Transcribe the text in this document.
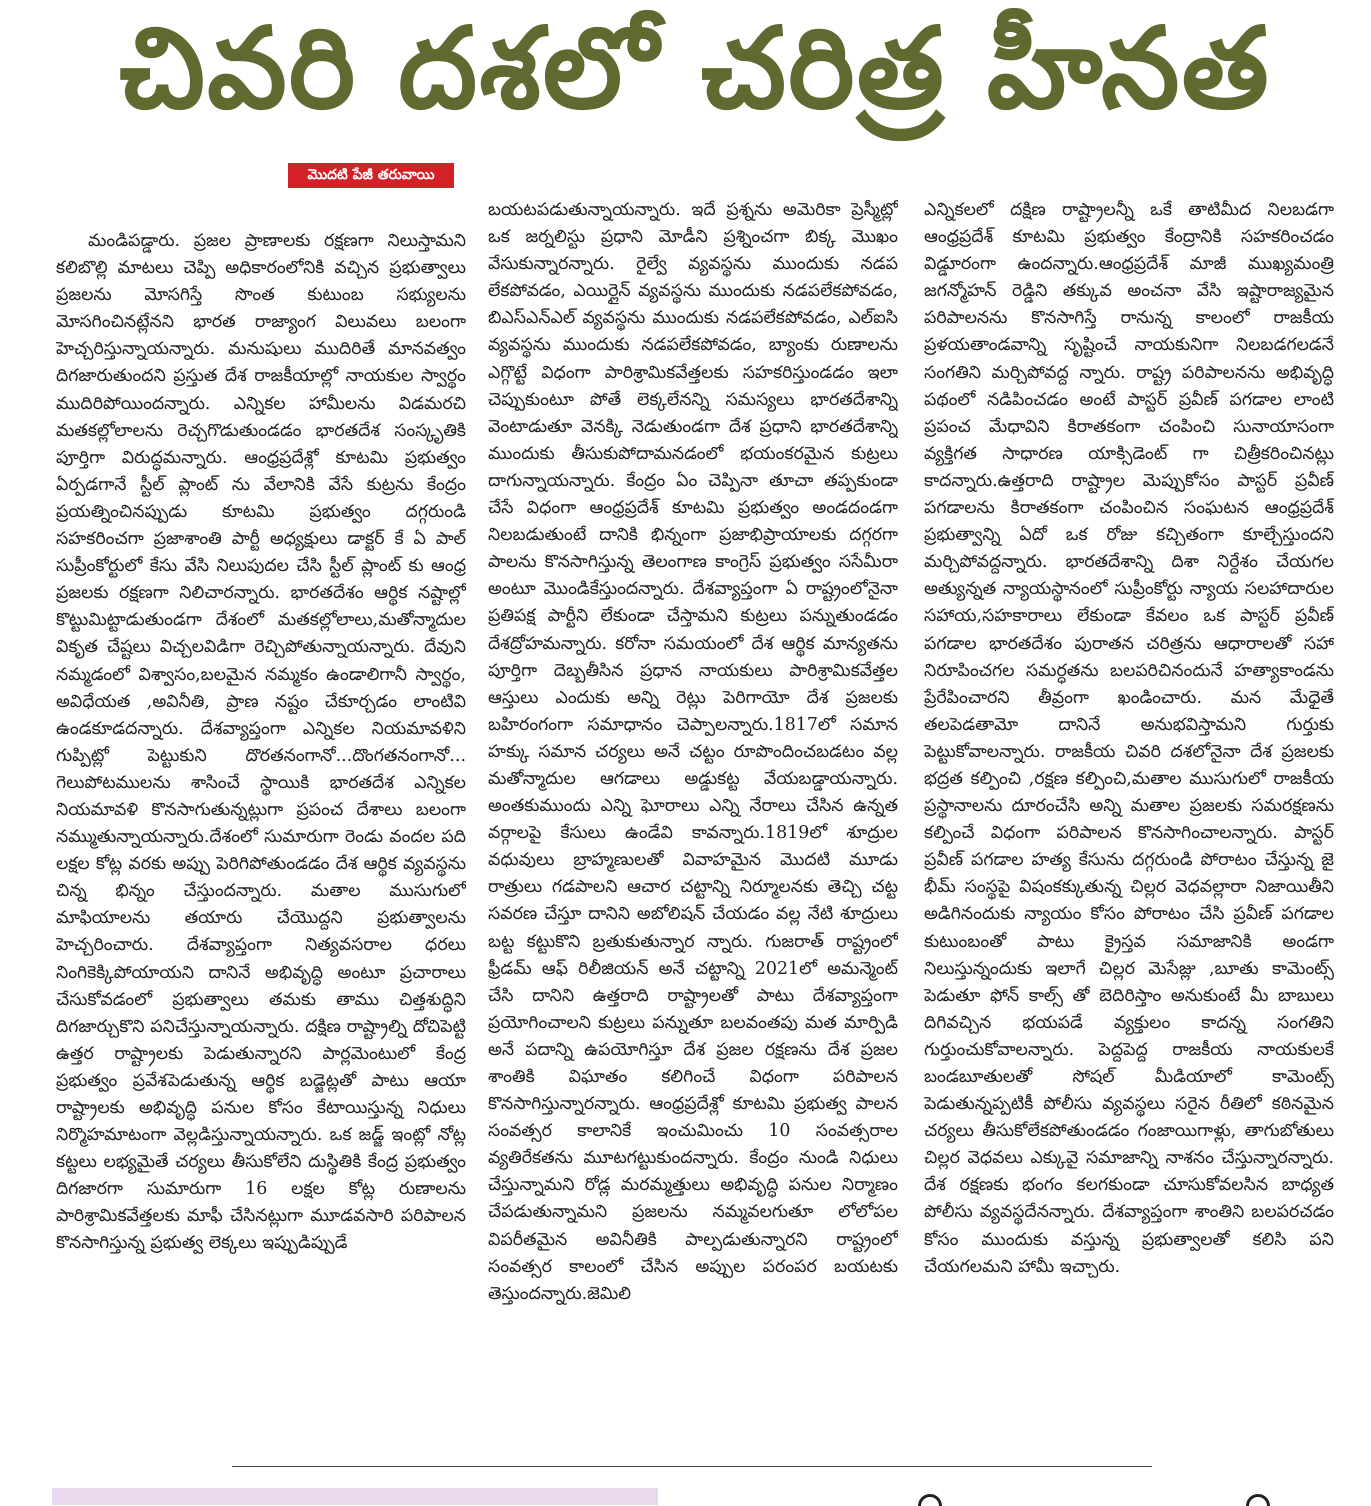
చివరి దశలో చరిత్ర హీనత
మొదటి పేజీ తరువాయి

మండిపడ్డారు. ప్రజల ప్రాణాలకు రక్షణగా నిలుస్తామని కలిబొల్లి మాటలు చెప్పి అధికారంలోనికి వచ్చిన ప్రభుత్వాలు ప్రజలను మోసగిస్తే సొంత కుటుంబ సభ్యులను మోసగించినట్లేనని భారత రాజ్యాంగ విలువలు బలంగా హెచ్చరిస్తున్నాయన్నారు. మనుషులు ముదిరితే మానవత్వం దిగజారుతుందని ప్రస్తుత దేశ రాజకీయాల్లో నాయకుల స్వార్థం ముదిరిపోయిందన్నారు. ఎన్నికల హామీలను విడమరచి మతకల్లోలాలను రెచ్చగొడుతుండడం భారతదేశ సంస్కృతికి పూర్తిగా విరుద్ధమన్నారు. ఆంధ్రప్రదేశ్లో కూటమి ప్రభుత్వం ఏర్పడగానే స్టీల్ ప్లాంట్ ను వేలానికి వేసే కుట్రను కేంద్రం ప్రయత్నించినప్పుడు కూటమి ప్రభుత్వం దగ్గరుండి సహకరించగా ప్రజాశాంతి పార్టీ అధ్యక్షులు డాక్టర్ కే ఏ పాల్ సుప్రీంకోర్టులో కేసు వేసి నిలుపుదల చేసి స్టీల్ ప్లాంట్ కు ఆంధ్ర ప్రజలకు రక్షణగా నిలిచారన్నారు. భారతదేశం ఆర్థిక నష్టాల్లో కొట్టుమిట్టాడుతుండగా దేశంలో మతకల్లోలాలు,మతోన్మాదుల వికృత చేష్టలు విచ్చలవిడిగా రెచ్చిపోతున్నాయన్నారు. దేవుని నమ్మడంలో విశ్వాసం,బలమైన నమ్మకం ఉండాలిగానీ స్వార్థం, అవిధేయత ,అవినీతి, ప్రాణ నష్టం చేకూర్చడం లాంటివి ఉండకూడదన్నారు. దేశవ్యాప్తంగా ఎన్నికల నియమావళిని గుప్పిట్లో పెట్టుకుని దొరతనంగానో...దొంగతనంగానో... గెలుపోటములను శాసించే స్థాయికి భారతదేశ ఎన్నికల నియమావళి కొనసాగుతున్నట్లుగా ప్రపంచ దేశాలు బలంగా నమ్ముతున్నాయన్నారు.దేశంలో సుమారుగా రెండు వందల పది లక్షల కోట్ల వరకు అప్పు పెరిగిపోతుండడం దేశ ఆర్థిక వ్యవస్థను చిన్న భిన్నం చేస్తుందన్నారు. మతాల ముసుగులో మాఫియాలను తయారు చేయొద్దని ప్రభుత్వాలను హెచ్చరించారు. దేశవ్యాప్తంగా నిత్యవసరాల ధరలు నింగికెక్కిపోయాయని దానినే అభివృద్ధి అంటూ ప్రచారాలు చేసుకోవడంలో ప్రభుత్వాలు తమకు తాము చిత్తశుద్ధిని దిగజార్చుకొని పనిచేస్తున్నాయన్నారు. దక్షిణ రాష్ట్రాల్ని దోచిపెట్టి ఉత్తర రాష్ట్రాలకు పెడుతున్నారని పార్లమెంటులో కేంద్ర ప్రభుత్వం ప్రవేశపెడుతున్న ఆర్థిక బడ్జెట్లతో పాటు ఆయా రాష్ట్రాలకు అభివృద్ధి పనుల కోసం కేటాయిస్తున్న నిధులు నిర్మొహమాటంగా వెల్లడిస్తున్నాయన్నారు. ఒక జడ్జ్ ఇంట్లో నోట్ల కట్టలు లభ్యమైతే చర్యలు తీసుకోలేని దుస్థితికి కేంద్ర ప్రభుత్వం దిగజారగా సుమారుగా 16 లక్షల కోట్ల రుణాలను పారిశ్రామికవేత్తలకు మాఫీ చేసినట్లుగా మూడవసారి పరిపాలన కొనసాగిస్తున్న ప్రభుత్వ లెక్కలు ఇప్పుడిప్పుడే

బయటపడుతున్నాయన్నారు. ఇదే ప్రశ్నను అమెరికా ప్రెస్మీట్లో ఒక జర్నలిస్టు ప్రధాని మోడీని ప్రశ్నించగా బిక్క మొఖం వేసుకున్నారన్నారు. రైల్వే వ్యవస్థను ముందుకు నడప లేకపోవడం, ఎయిర్లైన్ వ్యవస్థను ముందుకు నడపలేకపోవడం, బిఎస్ఎన్ఎల్ వ్యవస్థను ముందుకు నడపలేకపోవడం, ఎల్ఐసి వ్యవస్థను ముందుకు నడపలేకపోవడం, బ్యాంకు రుణాలను ఎగ్గొట్టే విధంగా పారిశ్రామికవేత్తలకు సహకరిస్తుండడం ఇలా చెప్పుకుంటూ పోతే లెక్కలేనన్ని సమస్యలు భారతదేశాన్ని వెంటాడుతూ వెనక్కి నెడుతుండగా దేశ ప్రధాని భారతదేశాన్ని ముందుకు తీసుకుపోదామనడంలో భయంకరమైన కుట్రలు దాగున్నాయన్నారు. కేంద్రం ఏం చెప్పినా తూచా తప్పకుండా చేసే విధంగా ఆంధ్రప్రదేశ్ కూటమి ప్రభుత్వం అండదండగా నిలబడుతుంటే దానికి భిన్నంగా ప్రజాభిప్రాయాలకు దగ్గరగా పాలను కొనసాగిస్తున్న తెలంగాణ కాంగ్రెస్ ప్రభుత్వం ససేమీరా అంటూ మొండికేస్తుందన్నారు. దేశవ్యాప్తంగా ఏ రాష్ట్రంలోనైనా ప్రతిపక్ష పార్టీని లేకుండా చేస్తామని కుట్రలు పన్నుతుండడం దేశద్రోహమన్నారు. కరోనా సమయంలో దేశ ఆర్థిక మాన్యతను పూర్తిగా దెబ్బతీసిన ప్రధాన నాయకులు పారిశ్రామికవేత్తల ఆస్తులు ఎందుకు అన్ని రెట్లు పెరిగాయో దేశ ప్రజలకు బహిరంగంగా సమాధానం చెప్పాలన్నారు.1817లో సమాన హక్కు సమాన చర్యలు అనే చట్టం రూపొందించబడటం వల్ల మతోన్మాదుల ఆగడాలు అడ్డుకట్ట వేయబడ్డాయన్నారు. అంతకుముందు ఎన్ని ఘోరాలు ఎన్ని నేరాలు చేసిన ఉన్నత వర్గాలపై కేసులు ఉండేవి కావన్నారు.1819లో శూద్రుల వధువులు బ్రాహ్మణులతో వివాహమైన మొదటి మూడు రాత్రులు గడపాలని ఆచార చట్టాన్ని నిర్మూలనకు తెచ్చి చట్ట సవరణ చేస్తూ దానిని అబోలిషన్ చేయడం వల్ల నేటి శూద్రులు బట్ట కట్టుకొని బ్రతుకుతున్నార న్నారు. గుజరాత్ రాష్ట్రంలో ఫ్రీడమ్ ఆఫ్ రిలీజియన్ అనే చట్టాన్ని 2021లో అమన్మెంట్ చేసి దానిని ఉత్తరాది రాష్ట్రాలతో పాటు దేశవ్యాప్తంగా ప్రయోగించాలని కుట్రలు పన్నుతూ బలవంతపు మత మార్పిడి అనే పదాన్ని ఉపయోగిస్తూ దేశ ప్రజల రక్షణను దేశ ప్రజల శాంతికి విఘాతం కలిగించే విధంగా పరిపాలన కొనసాగిస్తున్నారన్నారు. ఆంధ్రప్రదేశ్లో కూటమి ప్రభుత్వ పాలన సంవత్సర కాలానికే ఇంచుమించు 10 సంవత్సరాల వ్యతిరేకతను మూటగట్టుకుందన్నారు. కేంద్రం నుండి నిధులు చేస్తున్నామని రోడ్ల మరమ్మత్తులు అభివృద్ధి పనుల నిర్మాణం చేపడుతున్నామని ప్రజలను నమ్మవలగుతూ లోలోపల విపరీతమైన అవినీతికి పాల్పడుతున్నారని రాష్ట్రంలో సంవత్సర కాలంలో చేసిన అప్పుల పరంపర బయటకు తెస్తుందన్నారు.జెమిలి

ఎన్నికలలో దక్షిణ రాష్ట్రాలన్నీ ఒకే తాటిమీద నిలబడగా ఆంధ్రప్రదేశ్ కూటమి ప్రభుత్వం కేంద్రానికి సహకరించడం విడ్డూరంగా ఉందన్నారు.ఆంధ్రప్రదేశ్ మాజీ ముఖ్యమంత్రి జగన్మోహన్ రెడ్డిని తక్కువ అంచనా వేసి ఇష్టారాజ్యమైన పరిపాలనను కొనసాగిస్తే రానున్న కాలంలో రాజకీయ ప్రళయతాండవాన్ని సృష్టించే నాయకునిగా నిలబడగలడనే సంగతిని మర్చిపోవద్ద న్నారు. రాష్ట్ర పరిపాలనను అభివృద్ధి పథంలో నడిపించడం అంటే పాస్టర్ ప్రవీణ్ పగడాల లాంటి ప్రపంచ మేధావిని కిరాతకంగా చంపించి సునాయాసంగా వ్యక్తిగత సాధారణ యాక్సిడెంట్ గా చిత్రీకరించినట్లు కాదన్నారు.ఉత్తరాది రాష్ట్రాల మెప్పుకోసం పాస్టర్ ప్రవీణ్ పగడాలను కిరాతకంగా చంపించిన సంఘటన ఆంధ్రప్రదేశ్ ప్రభుత్వాన్ని ఏదో ఒక రోజు కచ్చితంగా కూల్చేస్తుందని మర్చిపోవద్దన్నారు. భారతదేశాన్ని దిశా నిర్దేశం చేయగల అత్యున్నత న్యాయస్థానంలో సుప్రీంకోర్టు న్యాయ సలహాదారుల సహాయ,సహకారాలు లేకుండా కేవలం ఒక పాస్టర్ ప్రవీణ్ పగడాల భారతదేశం పురాతన చరిత్రను ఆధారాలతో సహా నిరూపించగల సమర్ధతను బలపరిచినందునే హత్యాకాండను ప్రేరేపించారని తీవ్రంగా ఖండించారు. మన మేధైతే తలపెడతామో దానినే అనుభవిస్తామని గుర్తుకు పెట్టుకోవాలన్నారు. రాజకీయ చివరి దశలోనైనా దేశ ప్రజలకు భద్రత కల్పించి ,రక్షణ కల్పించి,మతాల ముసుగులో రాజకీయ ప్రస్థానాలను దూరంచేసి అన్ని మతాల ప్రజలకు సమరక్షణను కల్పించే విధంగా పరిపాలన కొనసాగించాలన్నారు. పాస్టర్ ప్రవీణ్ పగడాల హత్య కేసును దగ్గరుండి పోరాటం చేస్తున్న జై భీమ్ సంస్థపై విషంకక్కుతున్న చిల్లర వెధవల్లారా నిజాయితీని అడిగినందుకు న్యాయం కోసం పోరాటం చేసి ప్రవీణ్ పగడాల కుటుంబంతో పాటు క్రైస్తవ సమాజానికి అండగా నిలుస్తున్నందుకు ఇలాగే చిల్లర మెసేజ్లు ,బూతు కామెంట్స్ పెడుతూ ఫోన్ కాల్స్ తో బెదిరిస్తాం అనుకుంటే మీ బాబులు దిగివచ్చిన భయపడే వ్యక్తులం కాదన్న సంగతిని గుర్తుంచుకోవాలన్నారు. పెద్దపెద్ద రాజకీయ నాయకులకే బండబూతులతో సోషల్ మీడియాలో కామెంట్స్ పెడుతున్నప్పటికీ పోలీసు వ్యవస్థలు సరైన రీతిలో కఠినమైన చర్యలు తీసుకోలేకపోతుండడం గంజాయిగాళ్లు, తాగుబోతులు చిల్లర వెధవలు ఎక్కువై సమాజాన్ని నాశనం చేస్తున్నారన్నారు. దేశ రక్షణకు భంగం కలగకుండా చూసుకోవలసిన బాధ్యత పోలీసు వ్యవస్థదేనన్నారు. దేశవ్యాప్తంగా శాంతిని బలపరచడం కోసం ముందుకు వస్తున్న ప్రభుత్వాలతో కలిసి పని చేయగలమని హామీ ఇచ్చారు.
